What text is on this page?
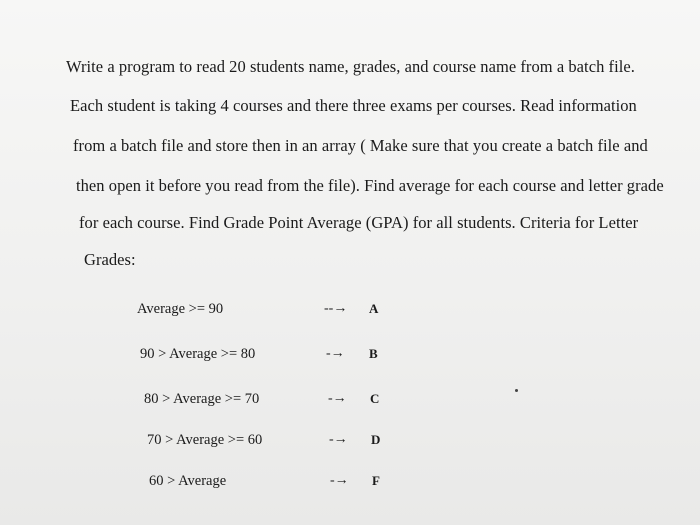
Write a program to read 20 students name, grades, and course name from a batch file.
Each student is taking 4 courses and there three exams per courses. Read information
from a batch file and store then in an array ( Make sure that you create a batch file and
then open it before you read from the file). Find average for each course and letter grade
for each course. Find Grade Point Average (GPA) for all students. Criteria for Letter
Grades:
Average >= 90	--→ A
90 > Average >= 80	-→ B
80 > Average >= 70	-→ C
70 > Average >= 60	-→ D
60 > Average	-→ F
